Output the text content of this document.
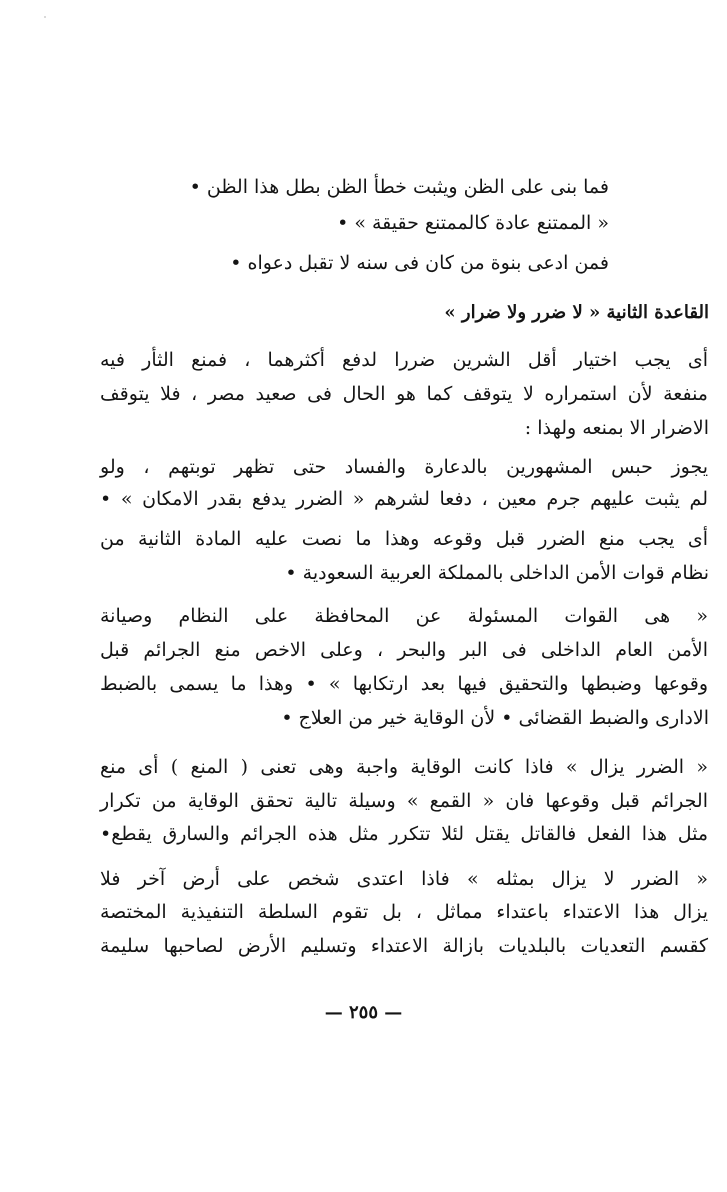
فما بنى على الظن ويثبت خطأ الظن بطل هذا الظن •
« الممتنع عادة كالممتنع حقيقة » •
فمن ادعى بنوة من كان فى سنه لا تقبل دعواه •
القاعدة الثانية « لا ضرر ولا ضرار »
أى يجب اختيار أقل الشرين ضررا لدفع أكثرهما ، فمنع الثأر فيه
منفعة لأن استمراره لا يتوقف كما هو الحال فى صعيد مصر ، فلا يتوقف
الاضرار الا بمنعه ولهذا :
يجوز حبس المشهورين بالدعارة والفساد حتى تظهر توبتهم ، ولو
لم يثبت عليهم جرم معين ، دفعا لشرهم « الضرر يدفع بقدر الامكان » •
أى يجب منع الضرر قبل وقوعه وهذا ما نصت عليه المادة الثانية من
نظام قوات الأمن الداخلى بالمملكة العربية السعودية •
« هى القوات المسئولة عن المحافظة على النظام وصيانة
الأمن العام الداخلى فى البر والبحر ، وعلى الاخص منع الجرائم قبل
وقوعها وضبطها والتحقيق فيها بعد ارتكابها » • وهذا ما يسمى بالضبط
الادارى والضبط القضائى • لأن الوقاية خير من العلاج •
« الضرر يزال » فاذا كانت الوقاية واجبة وهى تعنى ( المنع ) أى منع
الجرائم قبل وقوعها فان « القمع » وسيلة تالية تحقق الوقاية من تكرار
مثل هذا الفعل فالقاتل يقتل لئلا تتكرر مثل هذه الجرائم والسارق يقطع•
« الضرر لا يزال بمثله » فاذا اعتدى شخص على أرض آخر فلا
يزال هذا الاعتداء باعتداء مماثل ، بل تقوم السلطة التنفيذية المختصة
كقسم التعديات بالبلديات بازالة الاعتداء وتسليم الأرض لصاحبها سليمة
— ٢٥٥ —
